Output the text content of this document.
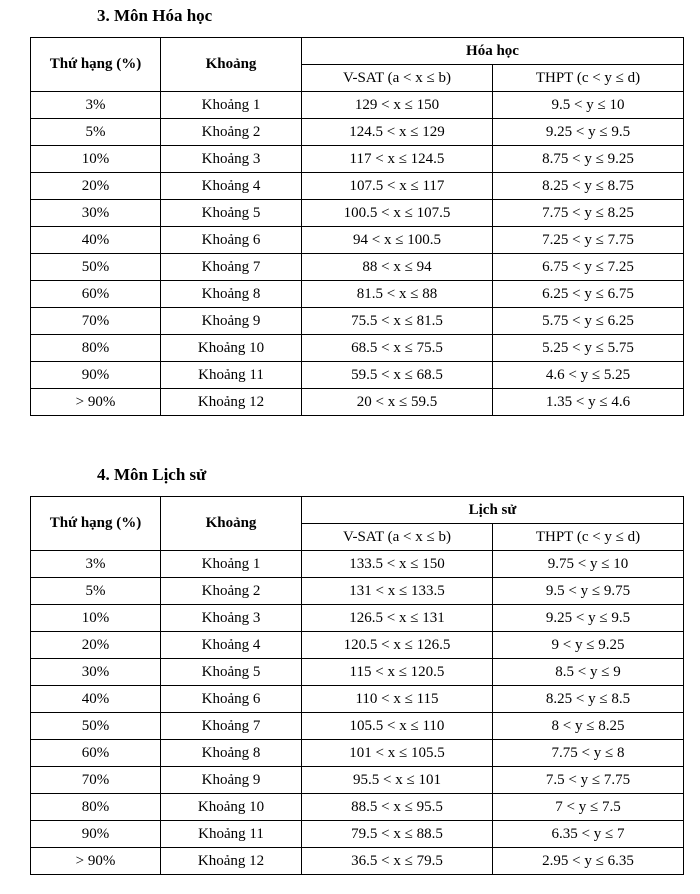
3. Môn Hóa học
Thứ hạng (%)	Khoảng	Hóa học	
		V-SAT (a < x ≤ b)	THPT (c < y ≤ d)
3%	Khoảng 1	129 < x ≤ 150	9.5 < y ≤ 10
5%	Khoảng 2	124.5 < x ≤ 129	9.25 < y ≤ 9.5
10%	Khoảng 3	117 < x ≤ 124.5	8.75 < y ≤ 9.25
20%	Khoảng 4	107.5 < x ≤ 117	8.25 < y ≤ 8.75
30%	Khoảng 5	100.5 < x ≤ 107.5	7.75 < y ≤ 8.25
40%	Khoảng 6	94 < x ≤ 100.5	7.25 < y ≤ 7.75
50%	Khoảng 7	88 < x ≤ 94	6.75 < y ≤ 7.25
60%	Khoảng 8	81.5 < x ≤ 88	6.25 < y ≤ 6.75
70%	Khoảng 9	75.5 < x ≤ 81.5	5.75 < y ≤ 6.25
80%	Khoảng 10	68.5 < x ≤ 75.5	5.25 < y ≤ 5.75
90%	Khoảng 11	59.5 < x ≤ 68.5	4.6 < y ≤ 5.25
> 90%	Khoảng 12	20 < x ≤ 59.5	1.35 < y ≤ 4.6
4. Môn Lịch sử
Thứ hạng (%)	Khoảng	Lịch sử	
		V-SAT (a < x ≤ b)	THPT (c < y ≤ d)
3%	Khoảng 1	133.5 < x ≤ 150	9.75 < y ≤ 10
5%	Khoảng 2	131 < x ≤ 133.5	9.5 < y ≤ 9.75
10%	Khoảng 3	126.5 < x ≤ 131	9.25 < y ≤ 9.5
20%	Khoảng 4	120.5 < x ≤ 126.5	9 < y ≤ 9.25
30%	Khoảng 5	115 < x ≤ 120.5	8.5 < y ≤ 9
40%	Khoảng 6	110 < x ≤ 115	8.25 < y ≤ 8.5
50%	Khoảng 7	105.5 < x ≤ 110	8 < y ≤ 8.25
60%	Khoảng 8	101 < x ≤ 105.5	7.75 < y ≤ 8
70%	Khoảng 9	95.5 < x ≤ 101	7.5 < y ≤ 7.75
80%	Khoảng 10	88.5 < x ≤ 95.5	7 < y ≤ 7.5
90%	Khoảng 11	79.5 < x ≤ 88.5	6.35 < y ≤ 7
> 90%	Khoảng 12	36.5 < x ≤ 79.5	2.95 < y ≤ 6.35
